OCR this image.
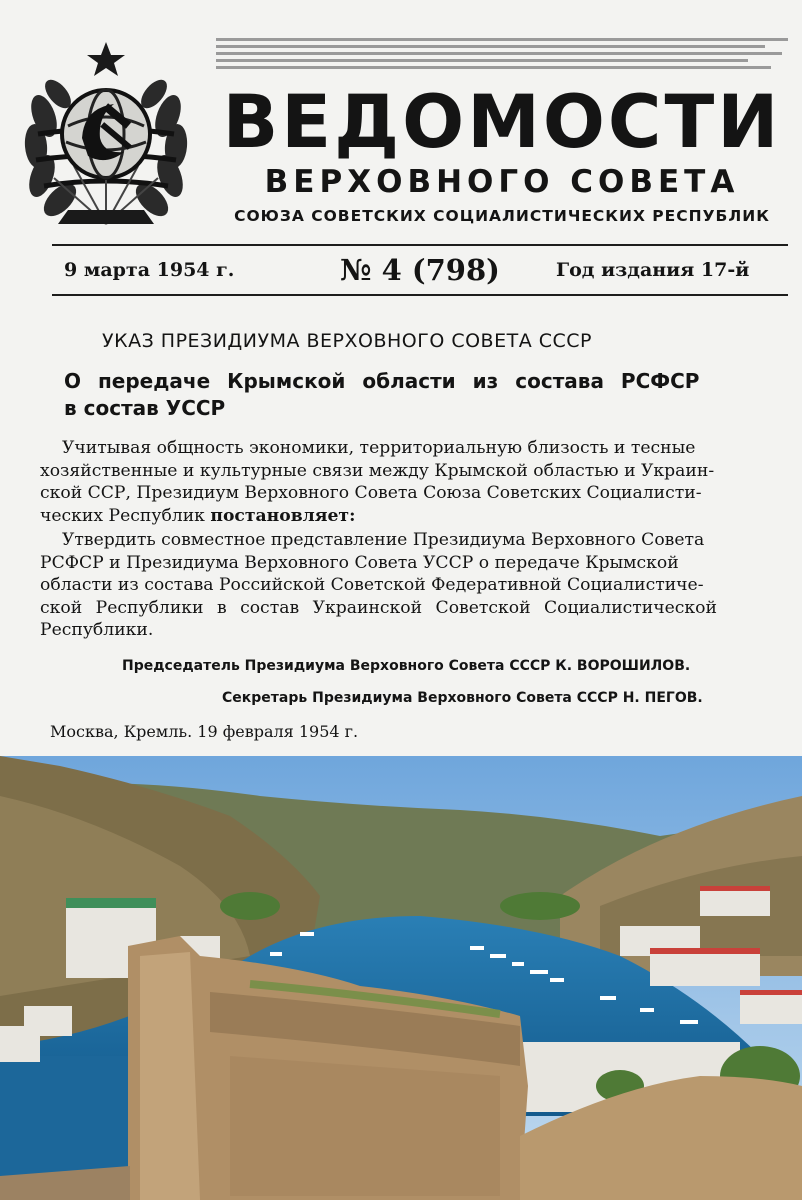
ВЕДОМОСТИ
ВЕРХОВНОГО СОВЕТА
СОЮЗА СОВЕТСКИХ СОЦИАЛИСТИЧЕСКИХ РЕСПУБЛИК
9 марта 1954 г.	№ 4 (798)	Год издания 17-й
УКАЗ ПРЕЗИДИУМА ВЕРХОВНОГО СОВЕТА СССР
О передаче Крымской области из состава РСФСР
в состав УССР
Учитывая общность экономики, территориальную близость и тесные
хозяйственные и культурные связи между Крымской областью и Украин-
ской ССР, Президиум Верховного Совета Союза Советских Социалисти-
ческих Республик постановляет:
Утвердить совместное представление Президиума Верховного Совета
РСФСР и Президиума Верховного Совета УССР о передаче Крымской
области из состава Российской Советской Федеративной Социалистиче-
ской Республики в состав Украинской Советской Социалистической
Республики.
Председатель Президиума Верховного Совета СССР К. ВОРОШИЛОВ.
Секретарь Президиума Верховного Совета СССР Н. ПЕГОВ.
Москва, Кремль. 19 февраля 1954 г.
